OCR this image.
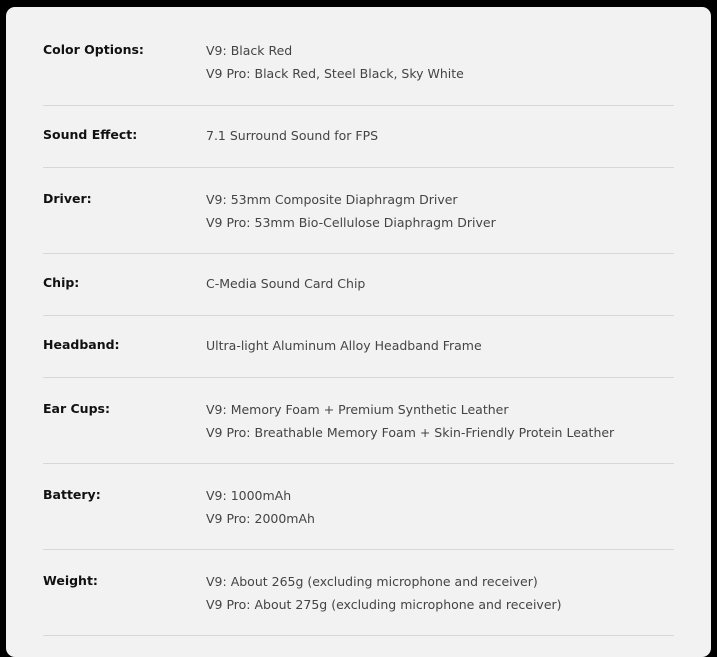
Color Options:	V9: Black Red
V9 Pro: Black Red, Steel Black, Sky White
Sound Effect:	7.1 Surround Sound for FPS
Driver:	V9: 53mm Composite Diaphragm Driver
V9 Pro: 53mm Bio-Cellulose Diaphragm Driver
Chip:	C-Media Sound Card Chip
Headband:	Ultra-light Aluminum Alloy Headband Frame
Ear Cups:	V9: Memory Foam + Premium Synthetic Leather
V9 Pro: Breathable Memory Foam + Skin-Friendly Protein Leather
Battery:	V9: 1000mAh
V9 Pro: 2000mAh
Weight:	V9: About 265g (excluding microphone and receiver)
V9 Pro: About 275g (excluding microphone and receiver)
